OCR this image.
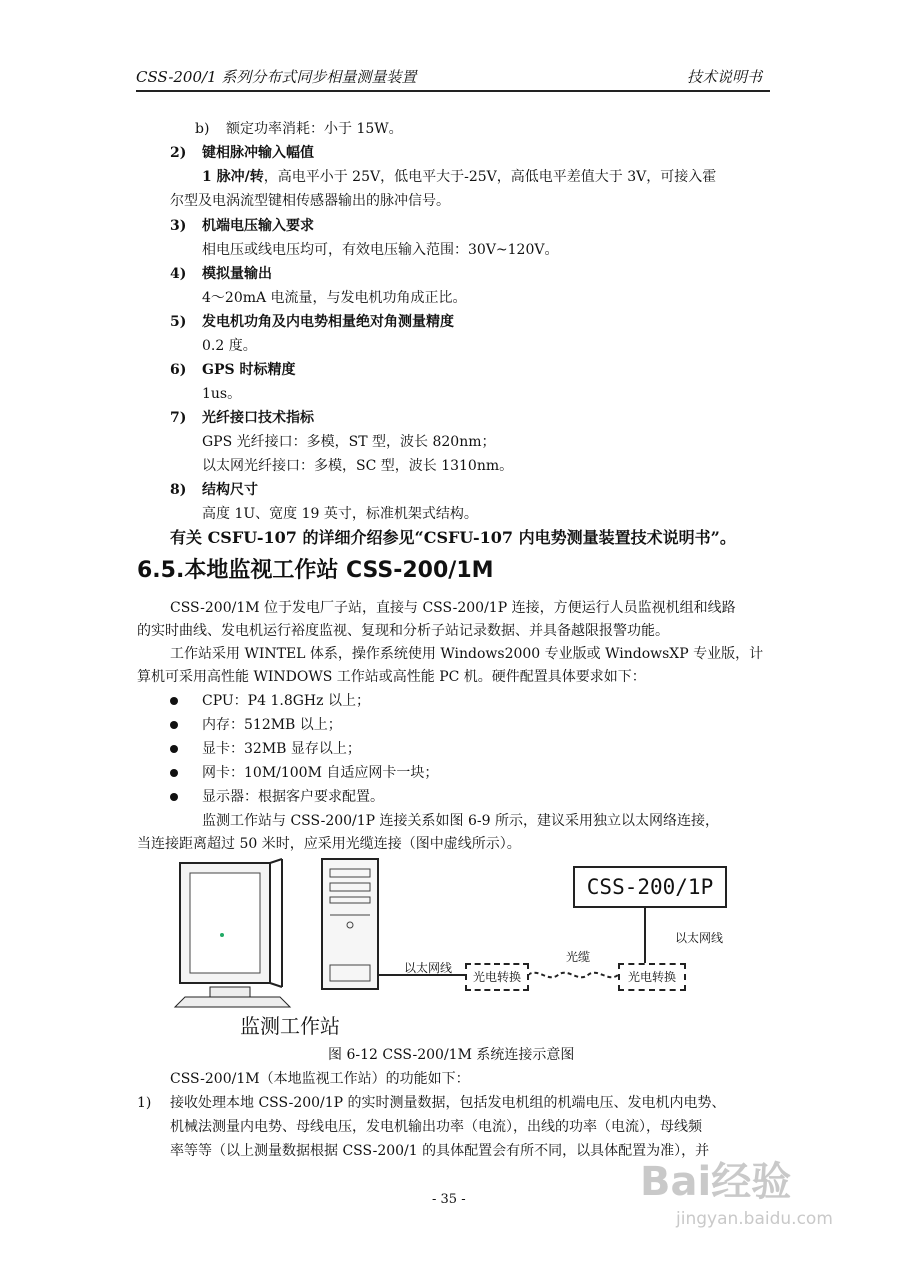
CSS-200/1 系列分布式同步相量测量装置	技术说明书
b) 额定功率消耗：小于 15W。
2) 键相脉冲输入幅值
1 脉冲/转，高电平小于 25V，低电平大于-25V，高低电平差值大于 3V，可接入霍
尔型及电涡流型键相传感器输出的脉冲信号。
3) 机端电压输入要求
相电压或线电压均可，有效电压输入范围：30V~120V。
4) 模拟量输出
4～20mA 电流量，与发电机功角成正比。
5) 发电机功角及内电势相量绝对角测量精度
0.2 度。
6) GPS 时标精度
1us。
7) 光纤接口技术指标
GPS 光纤接口：多模，ST 型，波长 820nm；
以太网光纤接口：多模，SC 型，波长 1310nm。
8) 结构尺寸
高度 1U、宽度 19 英寸，标准机架式结构。
有关 CSFU-107 的详细介绍参见“CSFU-107 内电势测量装置技术说明书”。
6.5.本地监视工作站 CSS-200/1M
CSS-200/1M 位于发电厂子站，直接与 CSS-200/1P 连接，方便运行人员监视机组和线路
的实时曲线、发电机运行裕度监视、复现和分析子站记录数据、并具备越限报警功能。
工作站采用 WINTEL 体系，操作系统使用 Windows2000 专业版或 WindowsXP 专业版，计
算机可采用高性能 WINDOWS 工作站或高性能 PC 机。硬件配置具体要求如下：
CPU：P4 1.8GHz 以上；
内存：512MB 以上；
显卡：32MB 显存以上；
网卡：10M/100M 自适应网卡一块；
显示器：根据客户要求配置。
监测工作站与 CSS-200/1P 连接关系如图 6-9 所示，建议采用独立以太网络连接，
当连接距离超过 50 米时，应采用光缆连接（图中虚线所示）。
CSS-200/1P
以太网线
以太网线
光缆
光电转换	光电转换
监测工作站
图 6-12 CSS-200/1M 系统连接示意图
CSS-200/1M（本地监视工作站）的功能如下：
1) 接收处理本地 CSS-200/1P 的实时测量数据，包括发电机组的机端电压、发电机内电势、
机械法测量内电势、母线电压，发电机输出功率（电流），出线的功率（电流），母线频
率等等（以上测量数据根据 CSS-200/1 的具体配置会有所不同，以具体配置为准），并
- 35 -	Bai经验
jingyan.baidu.com
